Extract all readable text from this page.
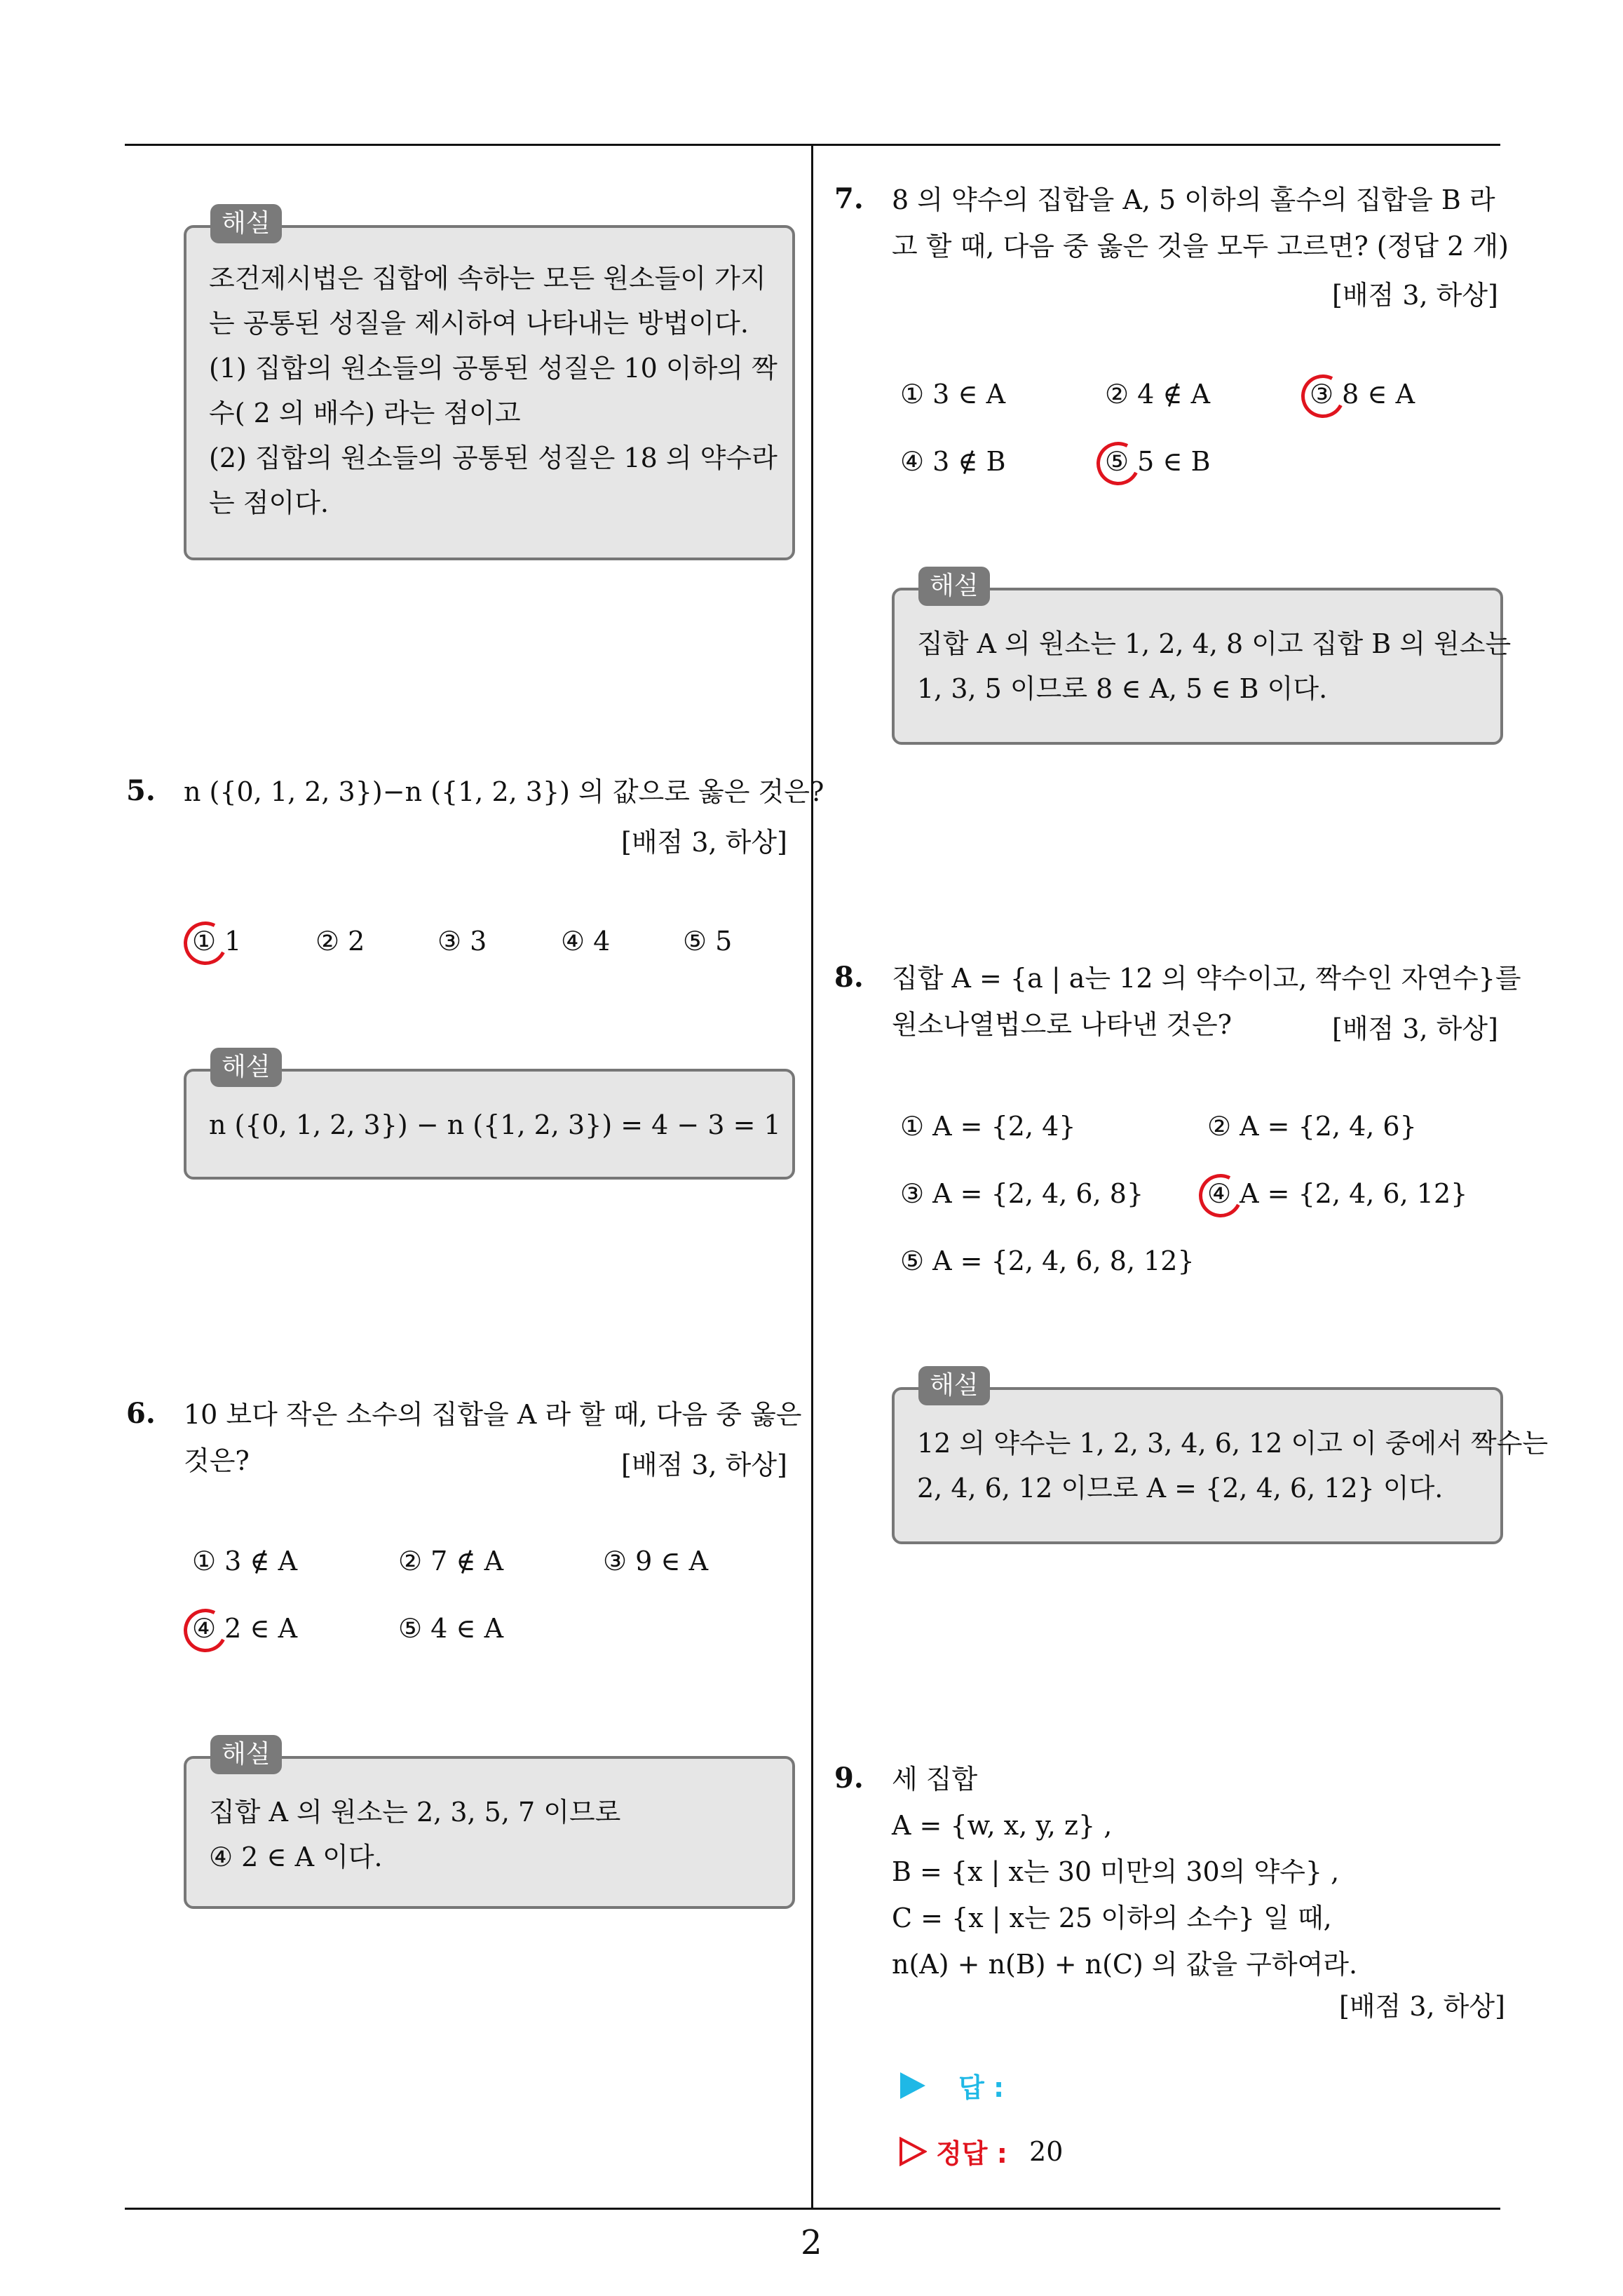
조건제시법은 집합에 속하는 모든 원소들이 가지
는 공통된 성질을 제시하여 나타내는 방법이다.
(1) 집합의 원소들의 공통된 성질은 10 이하의 짝
수( 2 의 배수) 라는 점이고
(2) 집합의 원소들의 공통된 성질은 18 의 약수라
는 점이다.
해설
5. n ({0, 1, 2, 3})−n ({1, 2, 3}) 의 값으로 옳은 것은?
[배점 3, 하상]
① 1	② 2	③ 3	④ 4	⑤ 5
n ({0, 1, 2, 3}) − n ({1, 2, 3}) = 4 − 3 = 1
해설
6. 10 보다 작은 소수의 집합을 A 라 할 때, 다음 중 옳은
것은?	[배점 3, 하상]
① 3 ∉ A	② 7 ∉ A	③ 9 ∈ A
④ 2 ∈ A	⑤ 4 ∈ A
집합 A 의 원소는 2, 3, 5, 7 이므로
④ 2 ∈ A 이다.
해설
7. 8 의 약수의 집합을 A, 5 이하의 홀수의 집합을 B 라
고 할 때, 다음 중 옳은 것을 모두 고르면? (정답 2 개)
[배점 3, 하상]
① 3 ∈ A	② 4 ∉ A	③ 8 ∈ A
④ 3 ∉ B	⑤ 5 ∈ B
집합 A 의 원소는 1, 2, 4, 8 이고 집합 B 의 원소는
1, 3, 5 이므로 8 ∈ A, 5 ∈ B 이다.
해설
8. 집합 A = {a | a는 12 의 약수이고, 짝수인 자연수}를
원소나열법으로 나타낸 것은?	[배점 3, 하상]
① A = {2, 4}	② A = {2, 4, 6}
③ A = {2, 4, 6, 8} ④ A = {2, 4, 6, 12}
⑤ A = {2, 4, 6, 8, 12}
12 의 약수는 1, 2, 3, 4, 6, 12 이고 이 중에서 짝수는
2, 4, 6, 12 이므로 A = {2, 4, 6, 12} 이다.
해설
9. 세 집합
A = {w, x, y, z} ,
B = {x | x는 30 미만의 30의 약수} ,
C = {x | x는 25 이하의 소수} 일 때,
n(A) + n(B) + n(C) 의 값을 구하여라.
[배점 3, 하상]
답 :
정답 : 20
2
